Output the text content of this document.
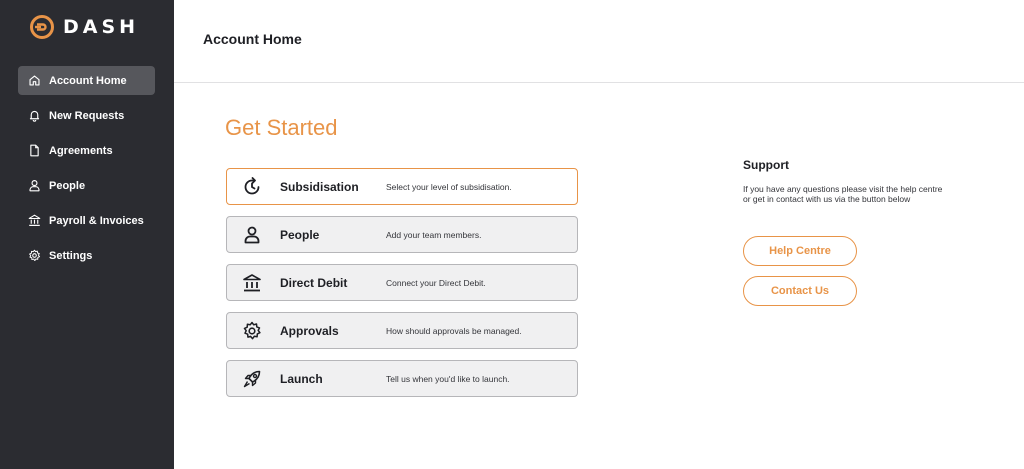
DASH
Account Home
New Requests
Agreements
People
Payroll & Invoices
Settings
Account Home
Get Started
Subsidisation	Select your level of subsidisation.
People	Add your team members.
Direct Debit	Connect your Direct Debit.
Approvals	How should approvals be managed.
Launch	Tell us when you'd like to launch.
Support

If you have any questions please visit the help centre or get in contact with us via the button below

Help Centre
Contact Us
